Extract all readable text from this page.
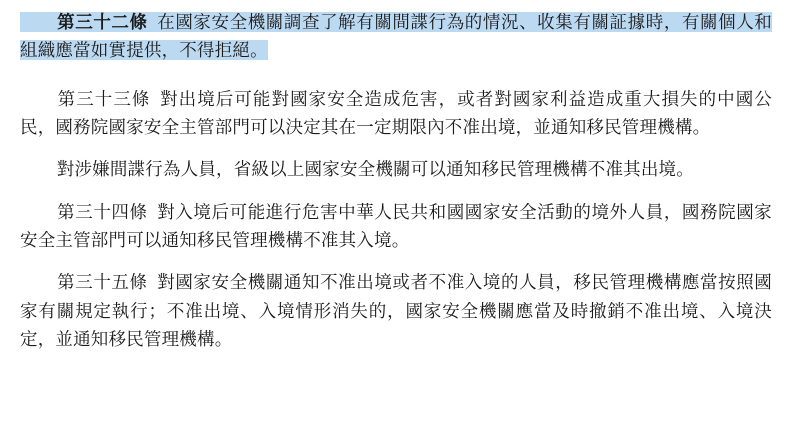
第三十二條 在國家安全機關調查了解有關間諜行為的情況、收集有關証據時，有關個人和組織應當如實提供，不得拒絕。

第三十三條 對出境后可能對國家安全造成危害，或者對國家利益造成重大損失的中國公民，國務院國家安全主管部門可以決定其在一定期限內不准出境，並通知移民管理機構。

對涉嫌間諜行為人員，省級以上國家安全機關可以通知移民管理機構不准其出境。

第三十四條 對入境后可能進行危害中華人民共和國國家安全活動的境外人員，國務院國家安全主管部門可以通知移民管理機構不准其入境。

第三十五條 對國家安全機關通知不准出境或者不准入境的人員，移民管理機構應當按照國家有關規定執行；不准出境、入境情形消失的，國家安全機關應當及時撤銷不准出境、入境決定，並通知移民管理機構。
